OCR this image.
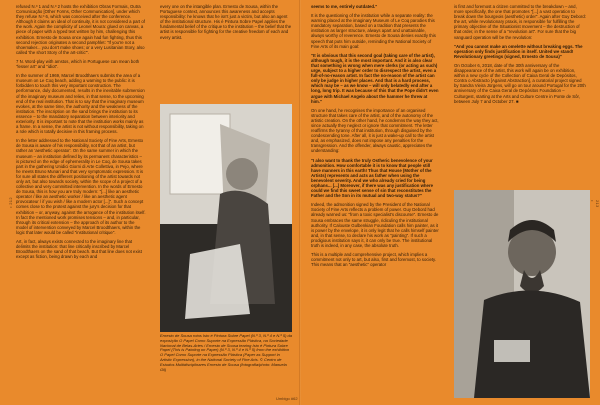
• 212	213 •

refused N.º 1 and N.º 2 hosts the exhibition Obras Formais, Outra Comunicação [Other Forms, Other Communication], under which they refuse N.º 6, which was conceived after the conference. Although it claims an ideal of continuity, it is not considered a part of the work. Again the complicity of Leonel Moura: glued on canvas, a piece of paper with a typed text written by him, challenging this exhibition. Ernesto de Sousa once again had fun fighting, thus this second rejection originates a second pamphlet: "If you're not a shoemaker... you don't make shoes; or a very Lusitanian Story, also called 'the short Story of the art-critic'".

7 N. Word-play with amstos, which in Portuguese can mean both "lesser art" and "idiot".

In the summer of 1969, Marcel Broodthaers submits the area of a museum on Le Coq beach, adding a warning to the public: it is forbidden to touch this very important construction. The performance, duly documented, results in the inevitable submersion of the imaginary museum and relies, in that sense, to the upcoming end of the real institution. That is to say that the imaginary museum evokes, at the same time, the authority and the weakness of the institution. The inscription on the sand brings the institution to its essence – to the mandatory separation between interiority and exteriority. It is important to note that the institution works mainly as a frame. In a sense, the artist is not without responsibility, taking on a role which is totally decisive in this framing process.

In the letter addressed to the National Society of Fine Arts, Ernesto de Sousa is aware of his responsibility, not that of an artist, but rather an 'aesthetic operator'. On the same summer in which the museum – an institution defined by its permanent characteristics – is pictured on the edge of ephemerality in Le Coq, de Sousa takes part in the gathering Unidici Giorni di Arte Collettiva, in Pejo, where he meets Bruno Munari and that very symptomatic expression. It is for sure all states the different positioning of the artist towards not only art, but also towards society, within the scope of a project of a collective and very committed intervention. In the words of Ernesto de Sousa, this is how you are truly modern: "[...] like an aesthetic operator / like an aesthetic worker / like an aesthetic agent provocateur / if you wish / like a modern actor [...]". Such a concept comes close to the protest against the jury's decision for that exhibition – or, anyway, against the arrogance of the institution itself. In fact the mentioned work promises tensions – and, in particular, through its critical extension – the approach of its author to the model of intervention conveyed by Marcel Broodthaers, within the logic that later would be called "institutional critique".

Art, in fact, always exists connected to the imaginary line that delimits the institution: that line critically inscribed by Marcel Broodthaers on the sand of that beach. But that line does not exist except as fiction, being drawn by each and

every one on the intangible plan. Ernesto de Sousa, within the Portuguese context, announces this awareness and accepts responsibility: he knows that he isn't just a victim, but also an agent of the institutional structure. His é Pintura Sobre Papel applies the fundamental belief of the critique to the institution – the belief that the artist is responsible for fighting for the creative freedom of each and every artist.

Ernesto de Sousa rotos Isto é Pintura Sobre Papel (N.º 3, N.º 4 e N.º 5) da exposição O Papel Como Suporte na Expressão Plástica, na Sociedade Nacional de Belas-Artes / Ernesto de Sousa tearing Isto é Pintura Sobre Papel (This is Painting on Paper) (N.º 3, N.º 4 e N.º 5) from the exhibition O Papel Como Suporte na Expressão Plástica (Paper as Support in Artistic Expression), in the National Society of Fine Arts. © Centro de Estudos Multidisciplinares Ernesto de Sousa (fotografia/photo: Manuela Gil)

seems to me, entirely outdated."

It is the questioning of the institution while a separate reality: the warning placed at the imaginary Museum of Le Coq parodies this mandatory separation, based on a tradition that presents the institution as larger structure, always apart and unattainable, always worthy of reverence. Ernesto de Sousa denies exactly this speech that puts him outside, reminding the National Society of Fine Arts of its main goal:

"It is obvious that this second goal (taking care of the artist), although tough, it is the most important. And it is also clear that something is wrong when mere clerks (or acting as such) urge, subject to a higher order to disrespect the artist, even a full-of-no-reason artist. In fact the no-reason of the artist can only be judge in higher places. And that is a hard process, which may be – as we know – will only belatedly end after a long, long trip. It was because of this that the Pope didn't even argue with Michael Angelo about the hammer he threw at him."

On one hand, he recognises the importance of an organised structure that takes care of the artist, and of the autonomy of the artistic creation. On the other hand, he condemns the way they act, since actually they neglect or ignore that commitment. The letter reaffirms the tyranny of that institution, through disguised by the condescending tone. After all, it is just a wake-up call to the artist and, as emphasized, does not impose any penalties for the transgression. And the offender, always caustic, appreciates the understanding:

"I also want to thank the truly Ostheric benevolence of your admonition. How comfortable it is to know that people still have manners in this earth! Thus that House (Mother of the Artists) represents and acts as father when using the benevolent severity. And we who already cried for being orphans... [...] Moreover, if there was any justification where could we find this sweet sense of sin that reconstitutes the Father and the Son in its mutual and two-way status?"

Indeed, the admonition signed by the President of the National Society of Fine Arts reflects a problem of power. Guy Debord had already warned us: "from a toxic specialist's discourse". Ernesto de Sousa embraces the same struggle, ridiculing the institutional authority. If Calouste Gulbenkian Foundation calls him painter, as it is power by the envelope, it is only legit that he calls himself painter and, in that sense, to declare his work as "painting". If such a prodigious institution says it, it can only be true. The institutional truth is indeed, in any case, the absolute truth.

This is a multiple and comprehensive project, which implies a commitment not only to art, but also, first and foremost, to society. This means that an "aesthetic" operator

is first and foremost a citizen committed to the breakdown – and, more specifically, the one that promotes "[...] a vast operation to break down the bourgeois (aesthetic) order". Again after Guy Debord: the art, while revolutionary praxis, is responsible for fulfilling the primary objective of the Situationist movement – the destruction of that order, in the sense of a "revolution art". For sure that the big vanguard operation will be the revolution:

"And you cannot make an omelette without breaking eggs. The operation only finds justification in itself. United we stand! Revolutionary greetings (signed, Ernesto de Sousa)"

On October 6, 2018, date of the 30th anniversary of the disappearance of the artist, this work will again be on exhibition, within a new cycle of the Collection of Caixa Geral de Depósitos, Contra o Abstracto [Against Abstraction], a curatorial project signed by Sandra Vieira Jürgens, will go on tour around Portugal for the 20th anniversary of the Caixa Geral de Depósitos Foundation – Culturgest, starting at the Arts and Culture Centre in Ponte de Sôr, between July 7 and October 27. ■

Umbigo #62
